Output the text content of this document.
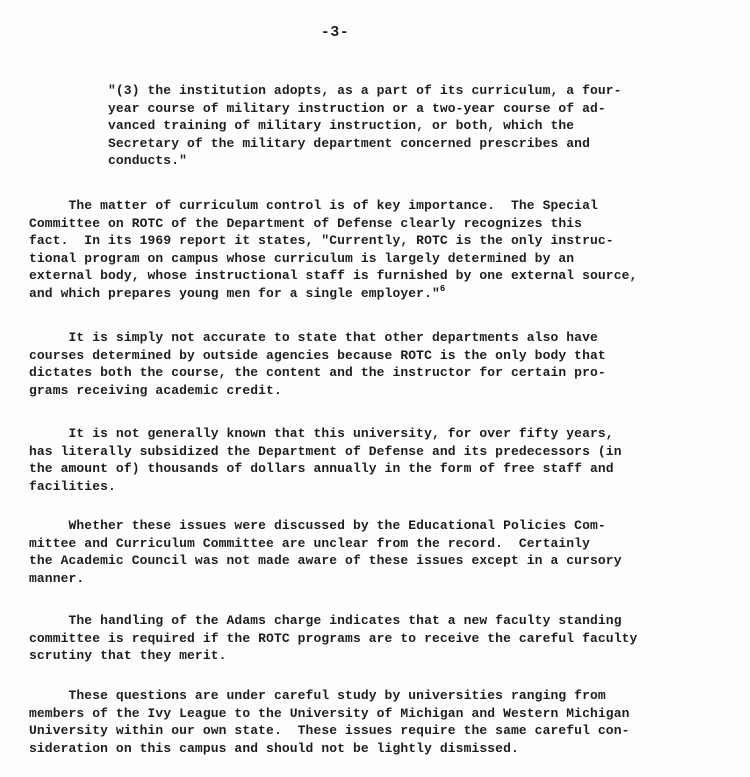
-3-
"(3) the institution adopts, as a part of its curriculum, a four-
year course of military instruction or a two-year course of ad-
vanced training of military instruction, or both, which the
Secretary of the military department concerned prescribes and
conducts."
The matter of curriculum control is of key importance.  The Special
Committee on ROTC of the Department of Defense clearly recognizes this
fact.  In its 1969 report it states, "Currently, ROTC is the only instruc-
tional program on campus whose curriculum is largely determined by an
external body, whose instructional staff is furnished by one external source,
and which prepares young men for a single employer."$^6$
It is simply not accurate to state that other departments also have
courses determined by outside agencies because ROTC is the only body that
dictates both the course, the content and the instructor for certain pro-
grams receiving academic credit.
It is not generally known that this university, for over fifty years,
has literally subsidized the Department of Defense and its predecessors (in
the amount of) thousands of dollars annually in the form of free staff and
facilities.
Whether these issues were discussed by the Educational Policies Com-
mittee and Curriculum Committee are unclear from the record.  Certainly
the Academic Council was not made aware of these issues except in a cursory
manner.
The handling of the Adams charge indicates that a new faculty standing
committee is required if the ROTC programs are to receive the careful faculty
scrutiny that they merit.
These questions are under careful study by universities ranging from
members of the Ivy League to the University of Michigan and Western Michigan
University within our own state.  These issues require the same careful con-
sideration on this campus and should not be lightly dismissed.
